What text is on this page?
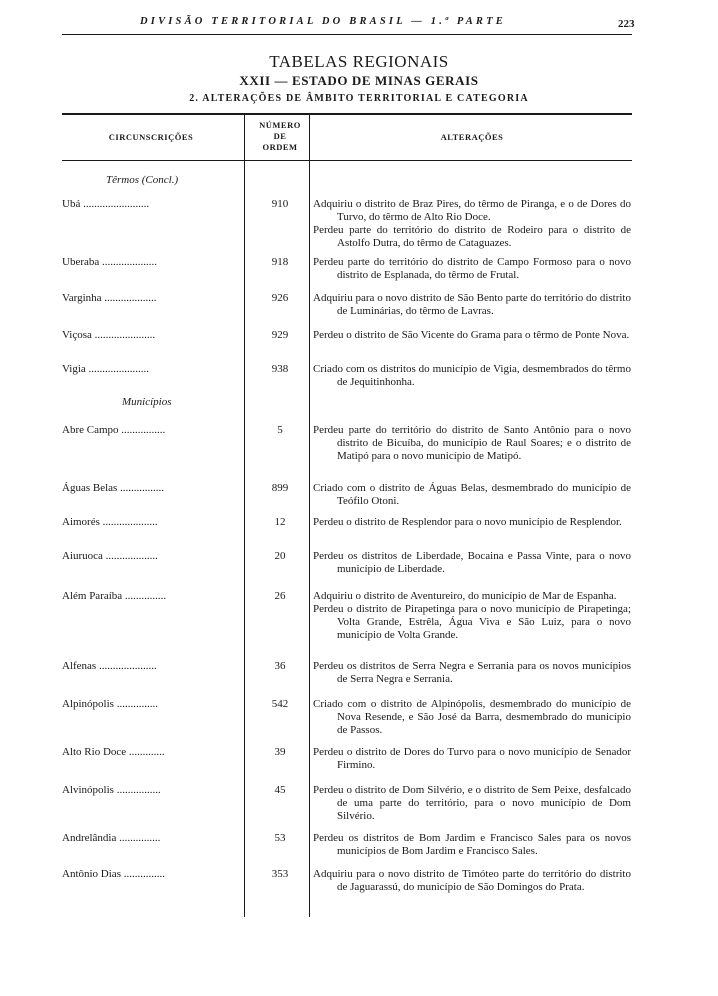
DIVISÃO TERRITORIAL DO BRASIL — 1.ª PARTE	223
TABELAS REGIONAIS
XXII — ESTADO DE MINAS GERAIS
2. ALTERAÇÕES DE ÂMBITO TERRITORIAL E CATEGORIA
CIRCUNSCRIÇÕES
NÚMERO
DE
ORDEM
ALTERAÇÕES
Têrmos (Concl.)
Ubá ........................	910	Adquiriu o distrito de Braz Pires, do têrmo de Piranga, e o de Dores do Turvo, do têrmo de Alto Rio Doce.

Perdeu parte do território do distrito de Rodeiro para o distrito de Astolfo Dutra, do têrmo de Cataguazes.

Uberaba ....................	918	Perdeu parte do território do distrito de Campo Formoso para o novo distrito de Esplanada, do têrmo de Frutal.

Varginha ...................	926	Adquiriu para o novo distrito de São Bento parte do território do distrito de Luminárias, do têrmo de Lavras.

Viçosa ......................	929	Perdeu o distrito de São Vicente do Grama para o têrmo de Ponte Nova.

Vigia ......................	938	Criado com os distritos do município de Vigia, desmembrados do têrmo de Jequitinhonha.

Municípios
Abre Campo ................	5	Perdeu parte do território do distrito de Santo Antônio para o novo distrito de Bicuíba, do município de Raul Soares; e o distrito de Matipó para o novo município de Matipó.

Águas Belas ................	899	Criado com o distrito de Águas Belas, desmembrado do município de Teófilo Otoni.

Aimorés ....................	12	Perdeu o distrito de Resplendor para o novo município de Resplendor.

Aiuruoca ...................	20	Perdeu os distritos de Liberdade, Bocaina e Passa Vinte, para o novo município de Liberdade.

Além Paraíba ...............	26	Adquiriu o distrito de Aventureiro, do município de Mar de Espanha.

Perdeu o distrito de Pirapetinga para o novo município de Pirapetinga; Volta Grande, Estrêla, Água Viva e São Luiz, para o novo município de Volta Grande.

Alfenas .....................	36	Perdeu os distritos de Serra Negra e Serrania para os novos municípios de Serra Negra e Serrania.

Alpinópolis ...............	542	Criado com o distrito de Alpinópolis, desmembrado do município de Nova Resende, e São José da Barra, desmembrado do município de Passos.

Alto Rio Doce .............	39	Perdeu o distrito de Dores do Turvo para o novo município de Senador Firmino.

Alvinópolis ................	45	Perdeu o distrito de Dom Silvério, e o distrito de Sem Peixe, desfalcado de uma parte do território, para o novo município de Dom Silvério.

Andrelândia ...............	53	Perdeu os distritos de Bom Jardim e Francisco Sales para os novos municípios de Bom Jardim e Francisco Sales.

Antônio Dias ...............	353	Adquiriu para o novo distrito de Timóteo parte do território do distrito de Jaguarassú, do município de São Domingos do Prata.
